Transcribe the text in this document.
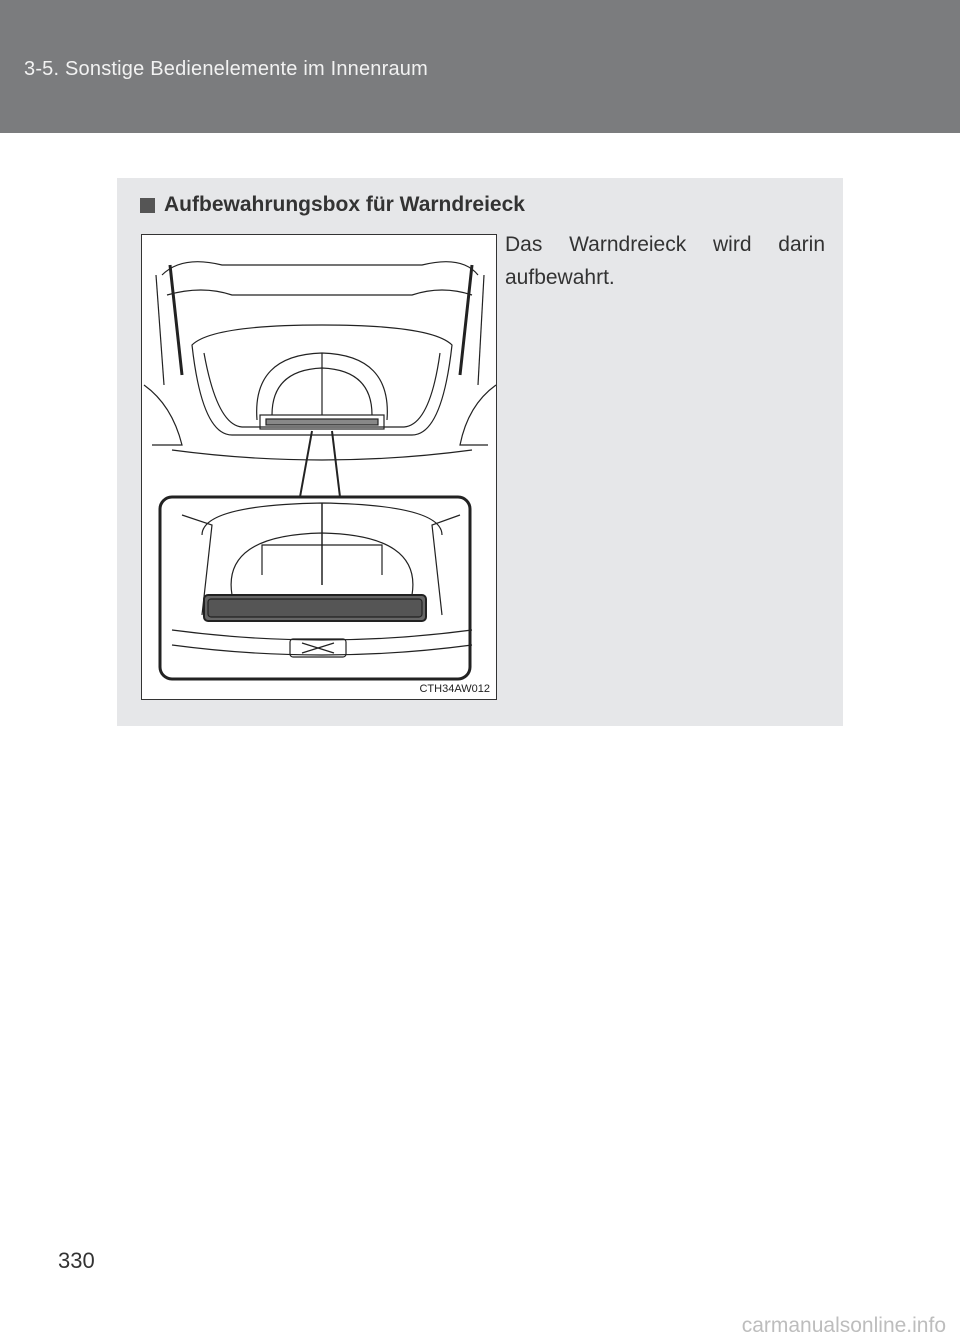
3-5. Sonstige Bedienelemente im Innenraum
Aufbewahrungsbox für Warndreieck
CTH34AW012
Das Warndreieck wird darin aufbewahrt.
330
carmanualsonline.info
